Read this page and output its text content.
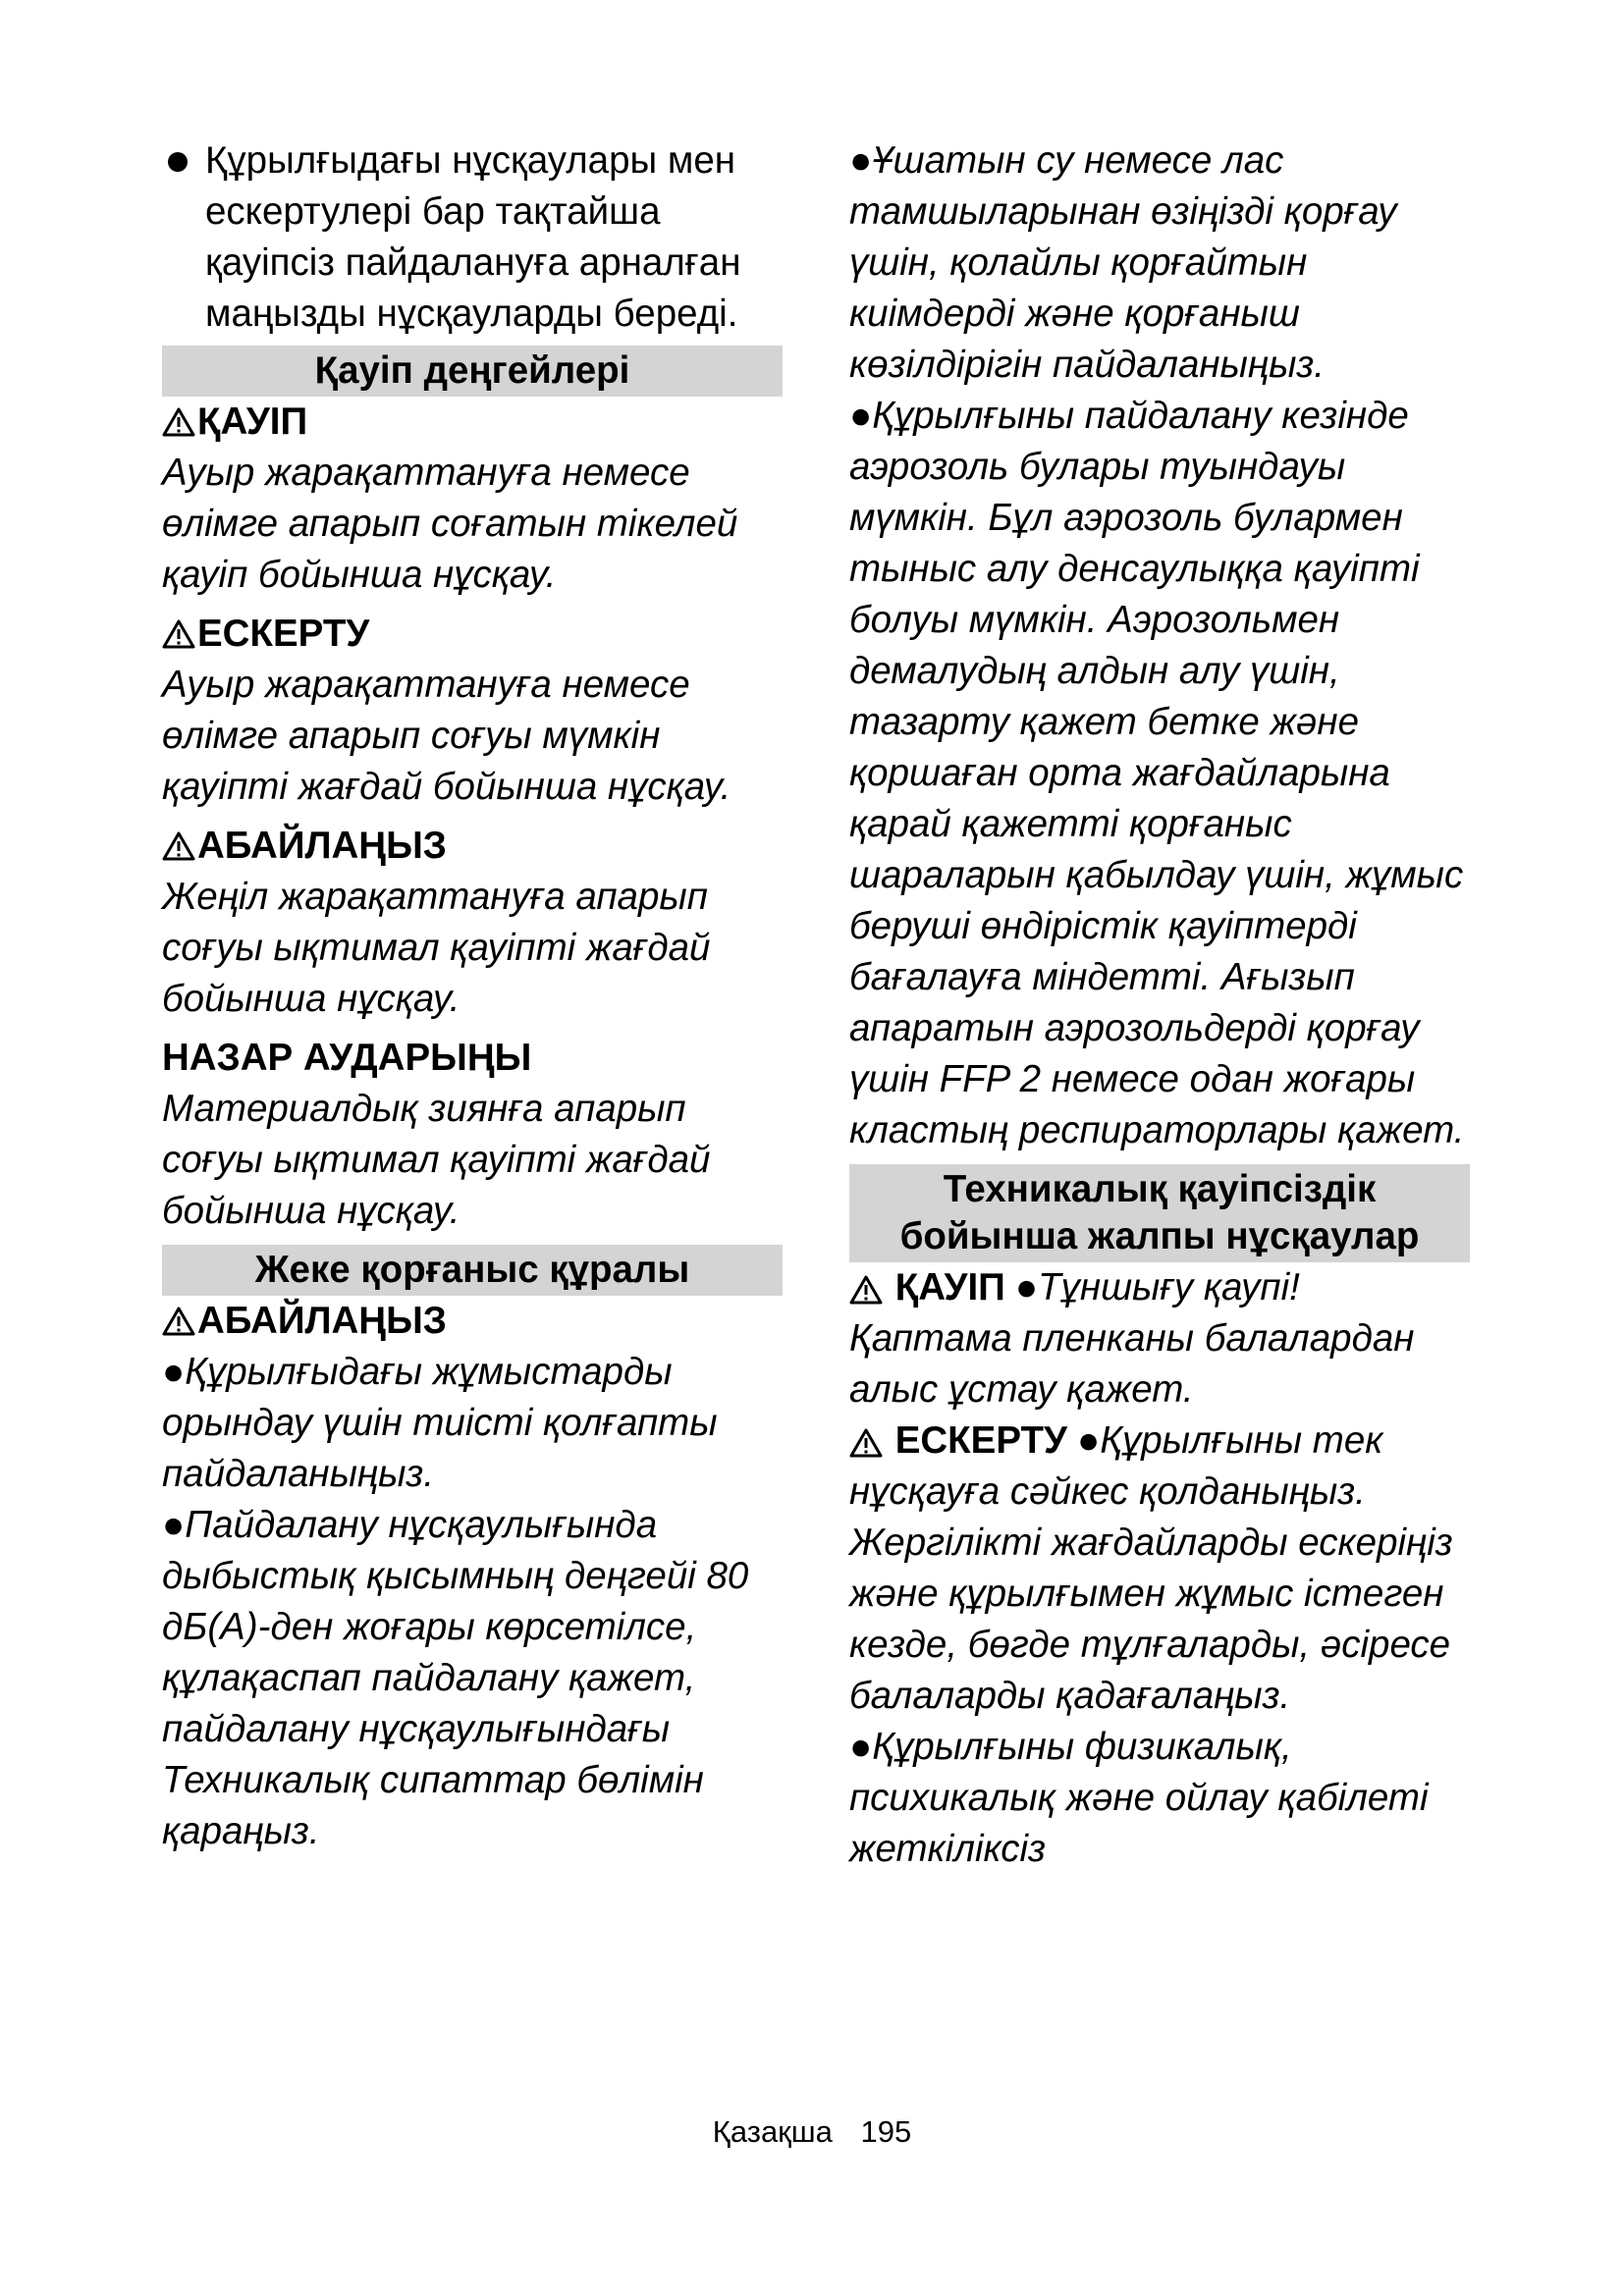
Құрылғыдағы нұсқаулары мен ескертулері бар тақтайша қауіпсіз пайдалануға арналған маңызды нұсқауларды береді.
Қауіп деңгейлері
ҚАУІП

Ауыр жарақаттануға немесе өлімге апарып соғатын тікелей қауіп бойынша нұсқау.

ЕСКЕРТУ

Ауыр жарақаттануға немесе өлімге апарып соғуы мүмкін қауіпті жағдай бойынша нұсқау.

АБАЙЛАҢЫЗ

Жеңіл жарақаттануға апарып соғуы ықтимал қауіпті жағдай бойынша нұсқау.

НАЗАР АУДАРЫҢЫ

Материалдық зиянға апарып соғуы ықтимал қауіпті жағдай бойынша нұсқау.

Жеке қорғаныс құралы
АБАЙЛАҢЫЗ

●Құрылғыдағы жұмыстарды орындау үшін тиісті қолғапты пайдаланыңыз.

●Пайдалану нұсқаулығында дыбыстық қысымның деңгейі 80 дБ(А)-ден жоғары көрсетілсе, құлақаспап пайдалану қажет, пайдалану нұсқаулығындағы Техникалық сипаттар бөлімін қараңыз.

●Ұшатын су немесе лас тамшыларынан өзіңізді қорғау үшін, қолайлы қорғайтын киімдерді және қорғаныш көзілдірігін пайдаланыңыз. ●Құрылғыны пайдалану кезінде аэрозоль булары туындауы мүмкін. Бұл аэрозоль булармен тыныс алу денсаулыққа қауіпті болуы мүмкін. Аэрозольмен демалудың алдын алу үшін, тазарту қажет бетке және қоршаған орта жағдайларына қарай қажетті қорғаныс шараларын қабылдау үшін, жұмыс беруші өндірістік қауіптерді бағалауға міндетті. Ағызып апаратын аэрозольдерді қорғау үшін FFP 2 немесе одан жоғары кластың респираторлары қажет.

Техникалық қауіпсіздік
бойынша жалпы нұсқаулар

ҚАУІП ●Тұншығу қаупі! Қаптама пленканы балалардан алыс ұстау қажет.

ЕСКЕРТУ ●Құрылғыны тек нұсқауға сәйкес қолданыңыз. Жергілікті жағдайларды ескеріңіз және құрылғымен жұмыс істеген кезде, бөгде тұлғаларды, әсіресе балаларды қадағалаңыз. ●Құрылғыны физикалық, психикалық және ойлау қабілеті жеткіліксіз

Қазақша 195
